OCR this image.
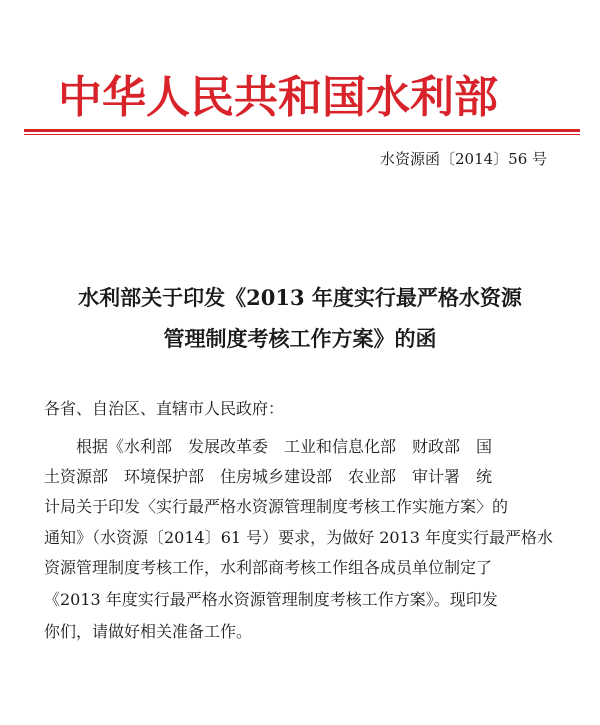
中华人民共和国水利部
水资源函〔2014〕56 号
水利部关于印发《2013 年度实行最严格水资源
管理制度考核工作方案》的函
各省、自治区、直辖市人民政府：
根据《水利部　发展改革委　工业和信息化部　财政部　国
土资源部　环境保护部　住房城乡建设部　农业部　审计署　统
计局关于印发〈实行最严格水资源管理制度考核工作实施方案〉的
通知》（水资源〔2014〕61 号）要求，为做好 2013 年度实行最严格水
资源管理制度考核工作，水利部商考核工作组各成员单位制定了
《2013 年度实行最严格水资源管理制度考核工作方案》。现印发
你们，请做好相关准备工作。
